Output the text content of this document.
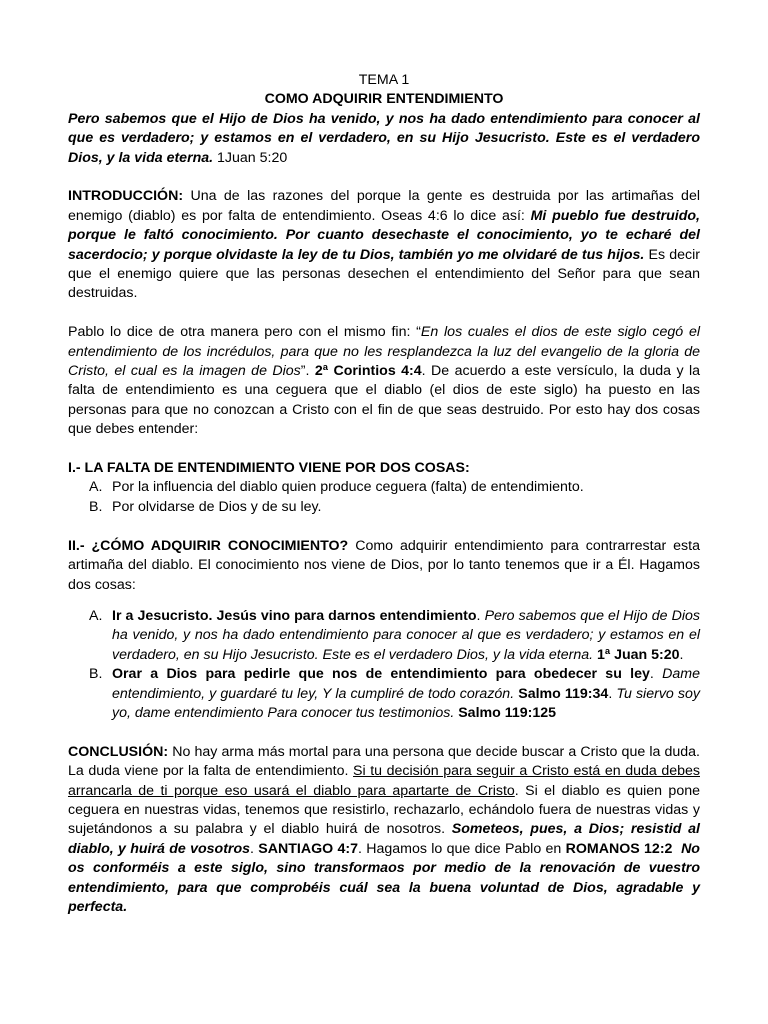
TEMA 1

COMO ADQUIRIR ENTENDIMIENTO

Pero sabemos que el Hijo de Dios ha venido, y nos ha dado entendimiento para conocer al que es verdadero; y estamos en el verdadero, en su Hijo Jesucristo. Este es el verdadero Dios, y la vida eterna. 1Juan 5:20

INTRODUCCIÓN: Una de las razones del porque la gente es destruida por las artimañas del enemigo (diablo) es por falta de entendimiento. Oseas 4:6 lo dice así: Mi pueblo fue destruido, porque le faltó conocimiento. Por cuanto desechaste el conocimiento, yo te echaré del sacerdocio; y porque olvidaste la ley de tu Dios, también yo me olvidaré de tus hijos. Es decir que el enemigo quiere que las personas desechen el entendimiento del Señor para que sean destruidas.

Pablo lo dice de otra manera pero con el mismo fin: “En los cuales el dios de este siglo cegó el entendimiento de los incrédulos, para que no les resplandezca la luz del evangelio de la gloria de Cristo, el cual es la imagen de Dios”. 2ª Corintios 4:4. De acuerdo a este versículo, la duda y la falta de entendimiento es una ceguera que el diablo (el dios de este siglo) ha puesto en las personas para que no conozcan a Cristo con el fin de que seas destruido. Por esto hay dos cosas que debes entender:

I.- LA FALTA DE ENTENDIMIENTO VIENE POR DOS COSAS:

A. Por la influencia del diablo quien produce ceguera (falta) de entendimiento.
B. Por olvidarse de Dios y de su ley.

II.- ¿CÓMO ADQUIRIR CONOCIMIENTO? Como adquirir entendimiento para contrarrestar esta artimaña del diablo. El conocimiento nos viene de Dios, por lo tanto tenemos que ir a Él. Hagamos dos cosas:

A. Ir a Jesucristo. Jesús vino para darnos entendimiento. Pero sabemos que el Hijo de Dios ha venido, y nos ha dado entendimiento para conocer al que es verdadero; y estamos en el verdadero, en su Hijo Jesucristo. Este es el verdadero Dios, y la vida eterna. 1ª Juan 5:20.
B. Orar a Dios para pedirle que nos de entendimiento para obedecer su ley. Dame entendimiento, y guardaré tu ley, Y la cumpliré de todo corazón. Salmo 119:34. Tu siervo soy yo, dame entendimiento Para conocer tus testimonios. Salmo 119:125

CONCLUSIÓN: No hay arma más mortal para una persona que decide buscar a Cristo que la duda. La duda viene por la falta de entendimiento. Si tu decisión para seguir a Cristo está en duda debes arrancarla de ti porque eso usará el diablo para apartarte de Cristo. Si el diablo es quien pone ceguera en nuestras vidas, tenemos que resistirlo, rechazarlo, echándolo fuera de nuestras vidas y sujetándonos a su palabra y el diablo huirá de nosotros. Someteos, pues, a Dios; resistid al diablo, y huirá de vosotros. SANTIAGO 4:7. Hagamos lo que dice Pablo en ROMANOS 12:2 No os conforméis a este siglo, sino transformaos por medio de la renovación de vuestro entendimiento, para que comprobéis cuál sea la buena voluntad de Dios, agradable y perfecta.
